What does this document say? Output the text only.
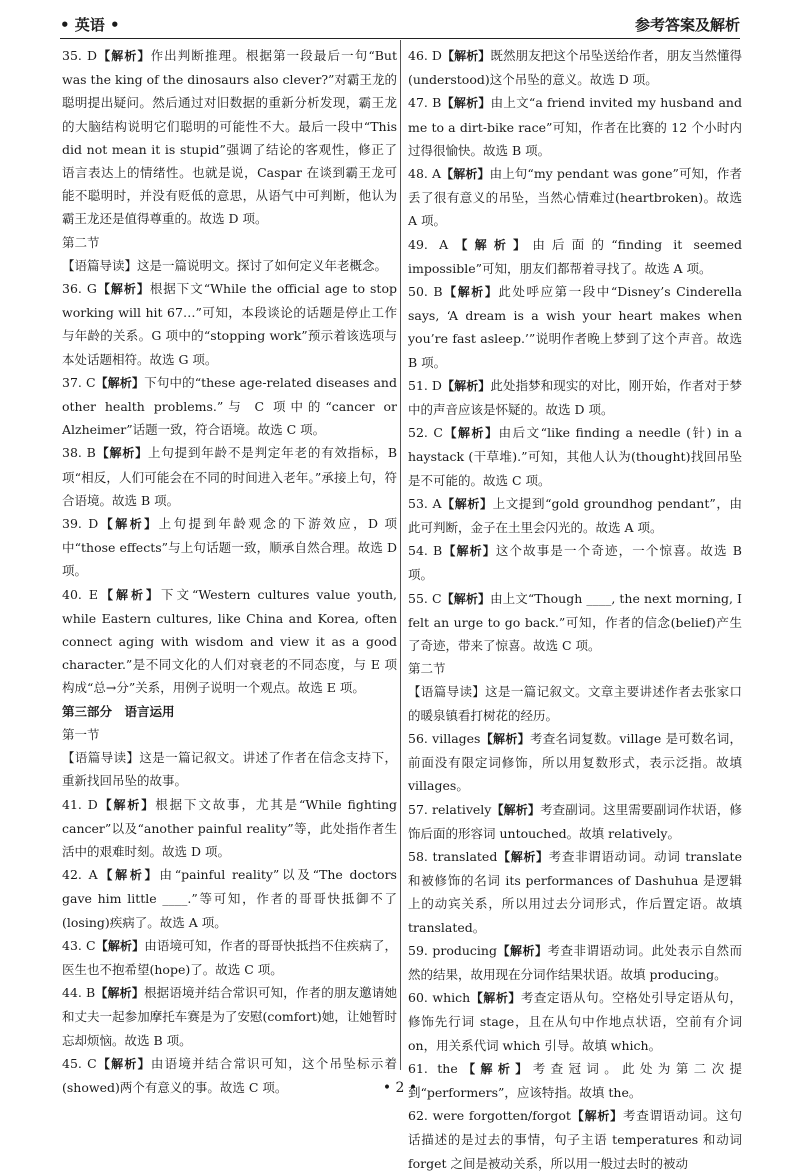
• 英语 •	参考答案及解析

35. D【解析】作出判断推理。根据第一段最后一句“But was the king of the dinosaurs also clever?”对霸王龙的聪明提出疑问。然后通过对旧数据的重新分析发现，霸王龙的大脑结构说明它们聪明的可能性不大。最后一段中“This did not mean it is stupid”强调了结论的客观性，修正了语言表达上的情绪性。也就是说，Caspar 在谈到霸王龙可能不聪明时，并没有贬低的意思，从语气中可判断，他认为霸王龙还是值得尊重的。故选 D 项。

第二节

【语篇导读】这是一篇说明文。探讨了如何定义年老概念。

36. G【解析】根据下文“While the official age to stop working will hit 67…”可知，本段谈论的话题是停止工作与年龄的关系。G 项中的“stopping work”预示着该选项与本处话题相符。故选 G 项。

37. C【解析】下句中的“these age-related diseases and other health problems.”与 C 项中的“cancer or Alzheimer”话题一致，符合语境。故选 C 项。

38. B【解析】上句提到年龄不是判定年老的有效指标，B 项“相反，人们可能会在不同的时间进入老年。”承接上句，符合语境。故选 B 项。

39. D【解析】上句提到年龄观念的下游效应，D 项中“those effects”与上句话题一致，顺承自然合理。故选 D 项。

40. E【解析】下文“Western cultures value youth, while Eastern cultures, like China and Korea, often connect aging with wisdom and view it as a good character.”是不同文化的人们对衰老的不同态度，与 E 项构成“总→分”关系，用例子说明一个观点。故选 E 项。

第三部分　语言运用

第一节

【语篇导读】这是一篇记叙文。讲述了作者在信念支持下，重新找回吊坠的故事。

41. D【解析】根据下文故事，尤其是“While fighting cancer”以及“another painful reality”等，此处指作者生活中的艰难时刻。故选 D 项。

42. A【解析】由“painful reality”以及“The doctors gave him little ____.”等可知，作者的哥哥快抵御不了(losing)疾病了。故选 A 项。

43. C【解析】由语境可知，作者的哥哥快抵挡不住疾病了，医生也不抱希望(hope)了。故选 C 项。

44. B【解析】根据语境并结合常识可知，作者的朋友邀请她和丈夫一起参加摩托车赛是为了安慰(comfort)她，让她暂时忘却烦恼。故选 B 项。

45. C【解析】由语境并结合常识可知，这个吊坠标示着(showed)两个有意义的事。故选 C 项。

46. D【解析】既然朋友把这个吊坠送给作者，朋友当然懂得(understood)这个吊坠的意义。故选 D 项。

47. B【解析】由上文“a friend invited my husband and me to a dirt-bike race”可知，作者在比赛的 12 个小时内过得很愉快。故选 B 项。

48. A【解析】由上句“my pendant was gone”可知，作者丢了很有意义的吊坠，当然心情难过(heartbroken)。故选 A 项。

49. A【解析】由后面的“finding it seemed impossible”可知，朋友们都帮着寻找了。故选 A 项。

50. B【解析】此处呼应第一段中“Disney’s Cinderella says, ‘A dream is a wish your heart makes when you’re fast asleep.’”说明作者晚上梦到了这个声音。故选 B 项。

51. D【解析】此处指梦和现实的对比，刚开始，作者对于梦中的声音应该是怀疑的。故选 D 项。

52. C【解析】由后文“like finding a needle (针) in a haystack (干草堆).”可知，其他人认为(thought)找回吊坠是不可能的。故选 C 项。

53. A【解析】上文提到“gold groundhog pendant”，由此可判断，金子在土里会闪光的。故选 A 项。

54. B【解析】这个故事是一个奇迹，一个惊喜。故选 B 项。

55. C【解析】由上文“Though ____, the next morning, I felt an urge to go back.”可知，作者的信念(belief)产生了奇迹，带来了惊喜。故选 C 项。

第二节

【语篇导读】这是一篇记叙文。文章主要讲述作者去张家口的暖泉镇看打树花的经历。

56. villages【解析】考查名词复数。village 是可数名词，前面没有限定词修饰，所以用复数形式，表示泛指。故填 villages。

57. relatively【解析】考查副词。这里需要副词作状语，修饰后面的形容词 untouched。故填 relatively。

58. translated【解析】考查非谓语动词。动词 translate 和被修饰的名词 its performances of Dashuhua 是逻辑上的动宾关系，所以用过去分词形式，作后置定语。故填 translated。

59. producing【解析】考查非谓语动词。此处表示自然而然的结果，故用现在分词作结果状语。故填 producing。

60. which【解析】考查定语从句。空格处引导定语从句，修饰先行词 stage，且在从句中作地点状语，空前有介词 on，用关系代词 which 引导。故填 which。

61. the【解析】考查冠词。此处为第二次提到“performers”，应该特指。故填 the。

62. were forgotten/forgot【解析】考查谓语动词。这句话描述的是过去的事情，句子主语 temperatures 和动词 forget 之间是被动关系，所以用一般过去时的被动

• 2 •
